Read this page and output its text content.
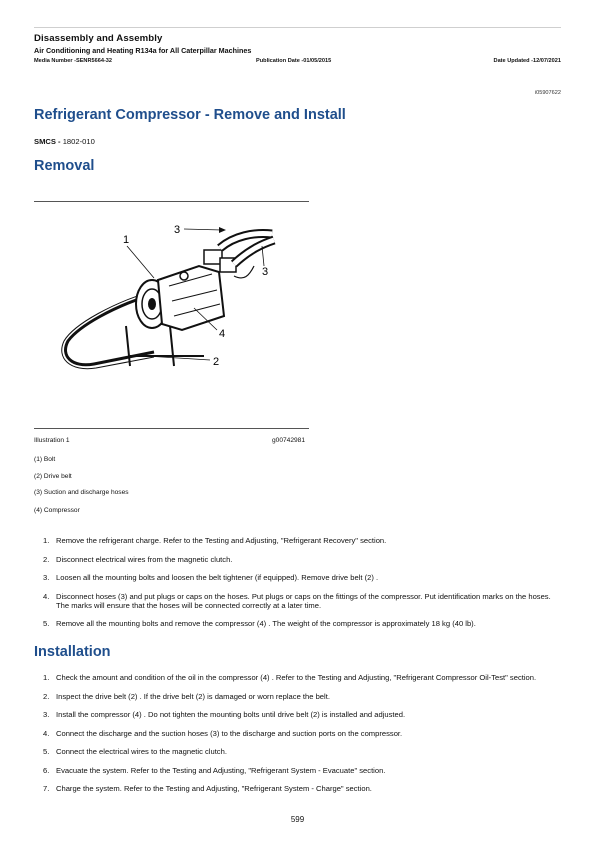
Disassembly and Assembly
Air Conditioning and Heating R134a for All Caterpillar Machines
Media Number -SENR5664-32	Publication Date -01/05/2015	Date Updated -12/07/2021
i05907622
Refrigerant Compressor - Remove and Install
SMCS - 1802-010
Removal
1
3
3
4
2
Illustration 1	g00742981
(1) Bolt
(2) Drive belt
(3) Suction and discharge hoses
(4) Compressor
1. Remove the refrigerant charge. Refer to the Testing and Adjusting, "Refrigerant Recovery" section.
2. Disconnect electrical wires from the magnetic clutch.
3. Loosen all the mounting bolts and loosen the belt tightener (if equipped). Remove drive belt (2) .
4. Disconnect hoses (3) and put plugs or caps on the hoses. Put plugs or caps on the fittings of the compressor. Put identification marks on the hoses. The marks will ensure that the hoses will be connected correctly at a later time.
5. Remove all the mounting bolts and remove the compressor (4) . The weight of the compressor is approximately 18 kg (40 lb).
Installation
1. Check the amount and condition of the oil in the compressor (4) . Refer to the Testing and Adjusting, "Refrigerant Compressor Oil-Test" section.
2. Inspect the drive belt (2) . If the drive belt (2) is damaged or worn replace the belt.
3. Install the compressor (4) . Do not tighten the mounting bolts until drive belt (2) is installed and adjusted.
4. Connect the discharge and the suction hoses (3) to the discharge and suction ports on the compressor.
5. Connect the electrical wires to the magnetic clutch.
6. Evacuate the system. Refer to the Testing and Adjusting, "Refrigerant System - Evacuate" section.
7. Charge the system. Refer to the Testing and Adjusting, "Refrigerant System - Charge" section.
599
